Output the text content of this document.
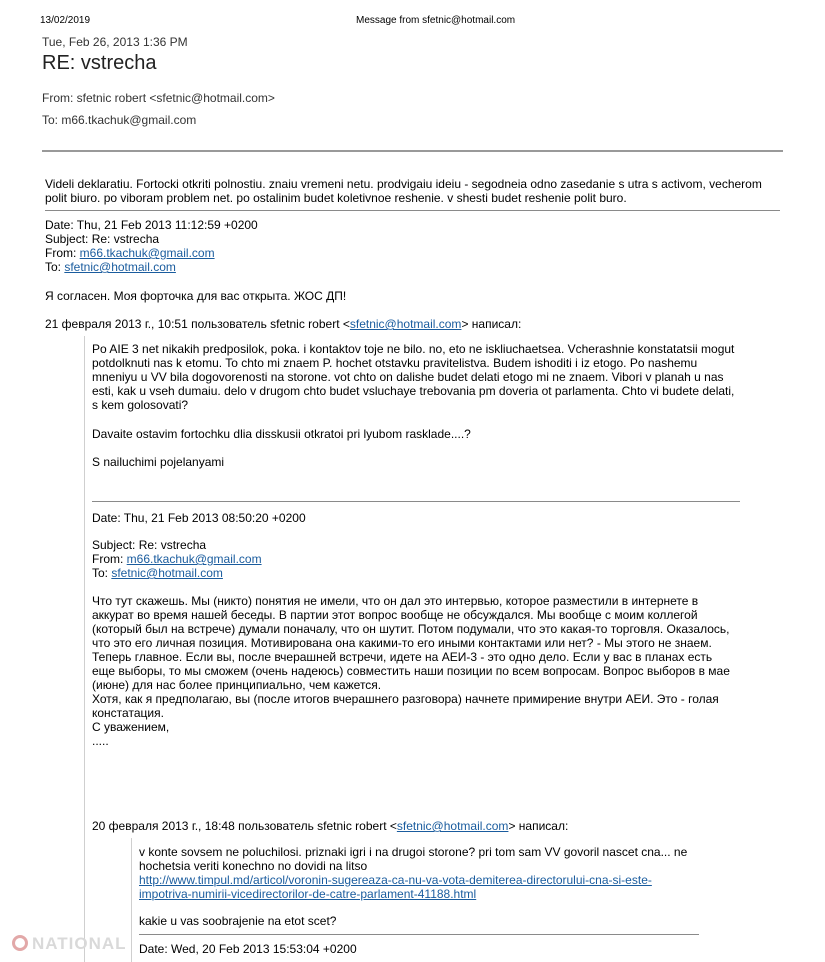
13/02/2019	Message from sfetnic@hotmail.com
Tue, Feb 26, 2013 1:36 PM
RE: vstrecha
From: sfetnic robert <sfetnic@hotmail.com>
To: m66.tkachuk@gmail.com

Videli deklaratiu. Fortocki otkriti polnostiu. znaiu vremeni netu. prodvigaiu ideiu - segodneia odno zasedanie s utra s activom, vecherom

polit biuro. po viboram problem net. po ostalinim budet koletivnoe reshenie. v shesti budet reshenie polit buro.

Date: Thu, 21 Feb 2013 11:12:59 +0200

Subject: Re: vstrecha

From: m66.tkachuk@gmail.com

To: sfetnic@hotmail.com

Я согласен. Моя форточка для вас открыта. ЖОС ДП!
21 февраля 2013 г., 10:51 пользователь sfetnic robert <sfetnic@hotmail.com> написал:

Po AIE 3 net nikakih predposilok, poka. i kontaktov toje ne bilo. no, eto ne iskliuchaetsea. Vcherashnie konstatatsii mogut

potdolknuti nas k etomu. To chto mi znaem P. hochet otstavku pravitelistva. Budem ishoditi i iz etogo. Po nashemu

mneniyu u VV bila dogovorenosti na storone. vot chto on dalishe budet delati etogo mi ne znaem. Vibori v planah u nas

esti, kak u vseh dumaiu. delo v drugom chto budet vsluchaye trebovania pm doveria ot parlamenta. Chto vi budete delati,

s kem golosovati?

Davaite ostavim fortochku dlia disskusii otkratoi pri lyubom rasklade....?
S nailuchimi pojelanyami
Date: Thu, 21 Feb 2013 08:50:20 +0200

Subject: Re: vstrecha

From: m66.tkachuk@gmail.com

To: sfetnic@hotmail.com

Что тут скажешь. Мы (никто) понятия не имели, что он дал это интервью, которое разместили в интернете в

аккурат во время нашей беседы. В партии этот вопрос вообще не обсуждался. Мы вообще с моим коллегой

(который был на встрече) думали поначалу, что он шутит. Потом подумали, что это какая-то торговля. Оказалось,

что это его личная позиция. Мотивирована она какими-то его иными контактами или нет? - Мы этого не знаем.

Теперь главное. Если вы, после вчерашней встречи, идете на АЕИ-3 - это одно дело. Если у вас в планах есть

еще выборы, то мы сможем (очень надеюсь) совместить наши позиции по всем вопросам. Вопрос выборов в мае

(июне) для нас более принципиально, чем кажется.

Хотя, как я предполагаю, вы (после итогов вчерашнего разговора) начнете примирение внутри АЕИ. Это - голая

констатация.

С уважением,

.....

20 февраля 2013 г., 18:48 пользователь sfetnic robert <sfetnic@hotmail.com> написал:

v konte sovsem ne poluchilosi. priznaki igri i na drugoi storone? pri tom sam VV govoril nascet cna... ne

hochetsia veriti konechno no dovidi na litso

http://www.timpul.md/articol/voronin-sugereaza-ca-nu-va-vota-demiterea-directorului-cna-si-este-

impotriva-numirii-vicedirectorilor-de-catre-parlament-41188.html

kakie u vas soobrajenie na etot scet?
Date: Wed, 20 Feb 2013 15:53:04 +0200
NATIONAL
